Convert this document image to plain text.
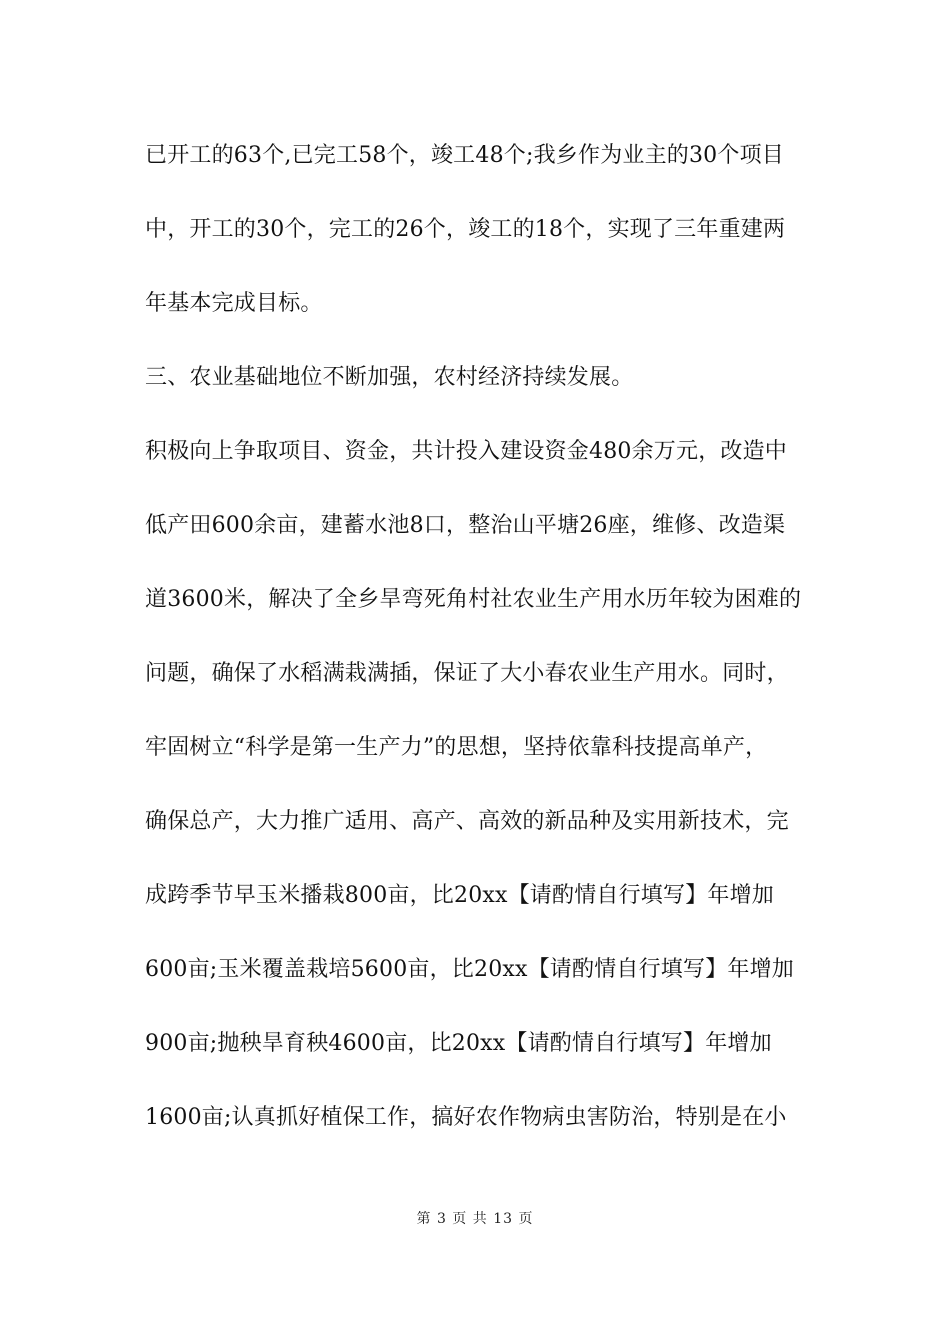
已开工的63个,已完工58个，竣工48个;我乡作为业主的30个项目
中，开工的30个，完工的26个，竣工的18个，实现了三年重建两
年基本完成目标。
三、农业基础地位不断加强，农村经济持续发展。
积极向上争取项目、资金，共计投入建设资金480余万元，改造中
低产田600余亩，建蓄水池8口，整治山平塘26座，维修、改造渠
道3600米，解决了全乡旱弯死角村社农业生产用水历年较为困难的
问题，确保了水稻满栽满插，保证了大小春农业生产用水。同时，
牢固树立“科学是第一生产力”的思想，坚持依靠科技提高单产，
确保总产，大力推广适用、高产、高效的新品种及实用新技术，完
成跨季节早玉米播栽800亩，比20xx【请酌情自行填写】年增加
600亩;玉米覆盖栽培5600亩，比20xx【请酌情自行填写】年增加
900亩;抛秧旱育秧4600亩，比20xx【请酌情自行填写】年增加
1600亩;认真抓好植保工作，搞好农作物病虫害防治，特别是在小
第 3 页 共 13 页
